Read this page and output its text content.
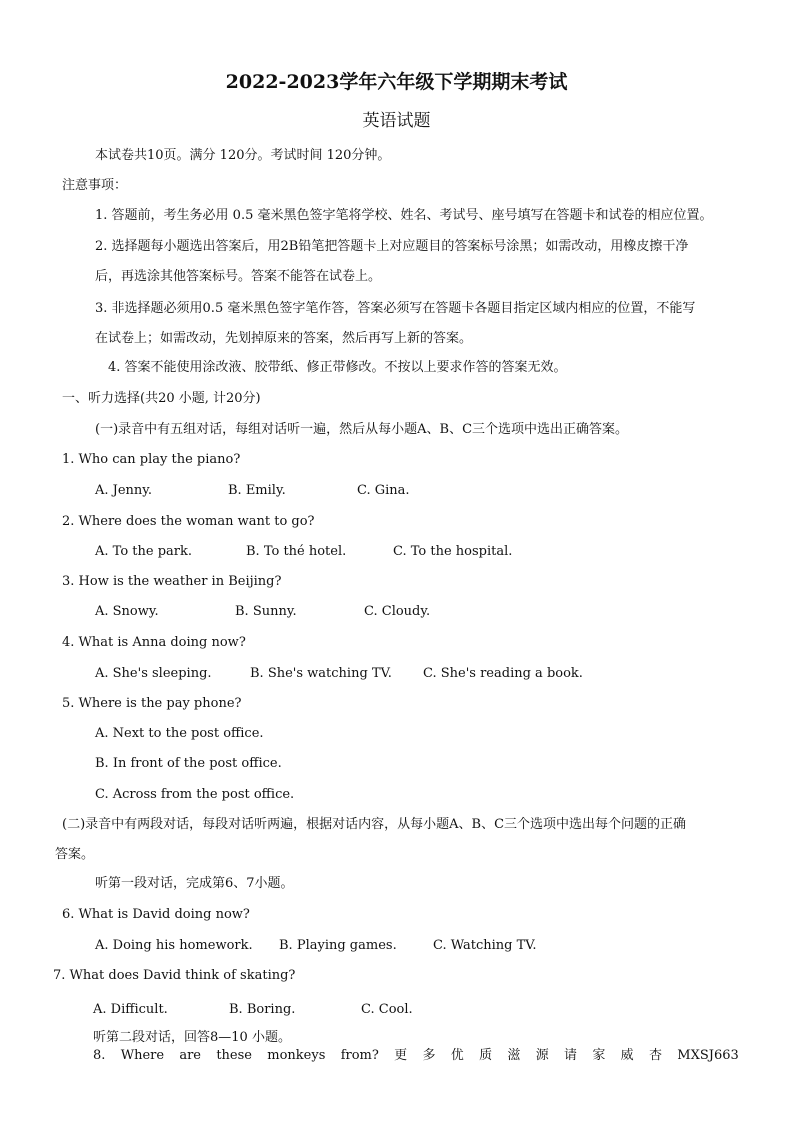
2022-2023学年六年级下学期期末考试
英语试题
本试卷共10页。满分 120分。考试时间 120分钟。
注意事项：
1. 答题前，考生务必用 0.5 毫米黑色签字笔将学校、姓名、考试号、座号填写在答题卡和试卷的相应位置。
2. 选择题每小题选出答案后，用2B铅笔把答题卡上对应题目的答案标号涂黑；如需改动，用橡皮擦干净
后，再选涂其他答案标号。答案不能答在试卷上。
3. 非选择题必须用0.5 毫米黑色签字笔作答，答案必须写在答题卡各题目指定区域内相应的位置，不能写
在试卷上；如需改动，先划掉原来的答案，然后再写上新的答案。
4. 答案不能使用涂改液、胶带纸、修正带修改。不按以上要求作答的答案无效。
一、听力选择(共20 小题, 计20分)
(一)录音中有五组对话，每组对话听一遍，然后从每小题A、B、C三个选项中选出正确答案。
1. Who can play the piano?
A. Jenny.	B. Emily.	C. Gina.
2. Where does the woman want to go?
A. To the park.	B. To thé hotel.	C. To the hospital.
3. How is the weather in Beijing?
A. Snowy.	B. Sunny.	C. Cloudy.
4. What is Anna doing now?
A. She's sleeping.	B. She's watching TV. C. She's reading a book.
5. Where is the pay phone?
A. Next to the post office.
B. In front of the post office.
C. Across from the post office.
(二)录音中有两段对话，每段对话听两遍，根据对话内容，从每小题A、B、C三个选项中选出每个问题的正确
答案。
听第一段对话，完成第6、7小题。
6. What is David doing now?
A. Doing his homework. B. Playing games.	C. Watching TV.
7. What does David think of skating?
A. Difficult.	B. Boring.	C. Cool.
听第二段对话，回答8—10 小题。
8. Where are these monkeys from? 更 多 优 质 滋 源 请 家 威 杏 MXSJ663
